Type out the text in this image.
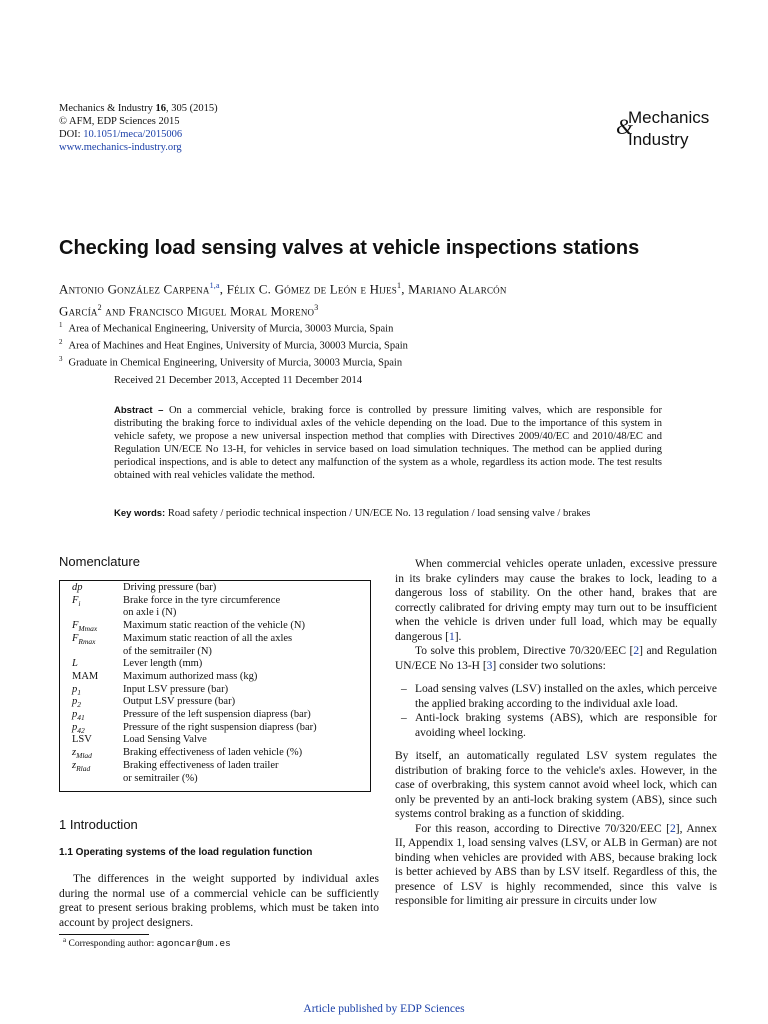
Mechanics & Industry 16, 305 (2015)
© AFM, EDP Sciences 2015
DOI: 10.1051/meca/2015006
www.mechanics-industry.org
&
Mechanics
Industry
Checking load sensing valves at vehicle inspections stations
Antonio González Carpena$^{1,a}$, Félix C. Gómez de León e Hijes$^1$, Mariano Alarcón
García$^2$ and Francisco Miguel Moral Moreno$^3$
$^1$ Area of Mechanical Engineering, University of Murcia, 30003 Murcia, Spain
$^2$ Area of Machines and Heat Engines, University of Murcia, 30003 Murcia, Spain
$^3$ Graduate in Chemical Engineering, University of Murcia, 30003 Murcia, Spain
Received 21 December 2013, Accepted 11 December 2014
Abstract – On a commercial vehicle, braking force is controlled by pressure limiting valves, which are responsible for distributing the braking force to individual axles of the vehicle depending on the load. Due to the importance of this system in vehicle safety, we propose a new universal inspection method that complies with Directives 2009/40/EC and 2010/48/EC and Regulation UN/ECE No 13-H, for vehicles in service based on load simulation techniques. The method can be applied during periodical inspections, and is able to detect any malfunction of the system as a whole, regardless its action mode. The test results obtained with real vehicles validate the method.
Key words: Road safety / periodic technical inspection / UN/ECE No. 13 regulation / load sensing valve / brakes
Nomenclature
dp	Driving pressure (bar)
$F_i$	Brake force in the tyre circumference
on axle i (N)
$F_{Mmax}$ Maximum static reaction of the vehicle (N)
$F_{Rmax}$	Maximum static reaction of all the axles
of the semitrailer (N)
L	Lever length (mm)
MAM Maximum authorized mass (kg)
$p_1$	Input LSV pressure (bar)
$p_2$	Output LSV pressure (bar)
$p_{41}$	Pressure of the left suspension diapress (bar)
$p_{42}$	Pressure of the right suspension diapress (bar)
LSV	Load Sensing Valve
$z_{Mlad}$	Braking effectiveness of laden vehicle (%)
$z_{Rlad}$	Braking effectiveness of laden trailer
or semitrailer (%)
1 Introduction
1.1 Operating systems of the load regulation function
The differences in the weight supported by individual axles during the normal use of a commercial vehicle can be sufficiently great to present serious braking problems, which must be taken into account by project designers.
$^a$ Corresponding author: agoncar@um.es

When commercial vehicles operate unladen, excessive pressure in its brake cylinders may cause the brakes to lock, leading to a dangerous loss of stability. On the other hand, brakes that are correctly calibrated for driving empty may turn out to be insufficient when the vehicle is driven under full load, which may be equally dangerous [1].

To solve this problem, Directive 70/320/EEC [2] and Regulation UN/ECE No 13-H [3] consider two solutions:

– Load sensing valves (LSV) installed on the axles, which perceive the applied braking according to the individual axle load.
– Anti-lock braking systems (ABS), which are responsible for avoiding wheel locking.

By itself, an automatically regulated LSV system regulates the distribution of braking force to the vehicle's axles. However, in the case of overbraking, this system cannot avoid wheel lock, which can only be prevented by an anti-lock braking system (ABS), since such systems control braking as a function of skidding.

For this reason, according to Directive 70/320/EEC [2], Annex II, Appendix 1, load sensing valves (LSV, or ALB in German) are not binding when vehicles are provided with ABS, because braking lock is better achieved by ABS than by LSV itself. Regardless of this, the presence of LSV is highly recommended, since this valve is responsible for limiting air pressure in circuits under low

Article published by EDP Sciences
